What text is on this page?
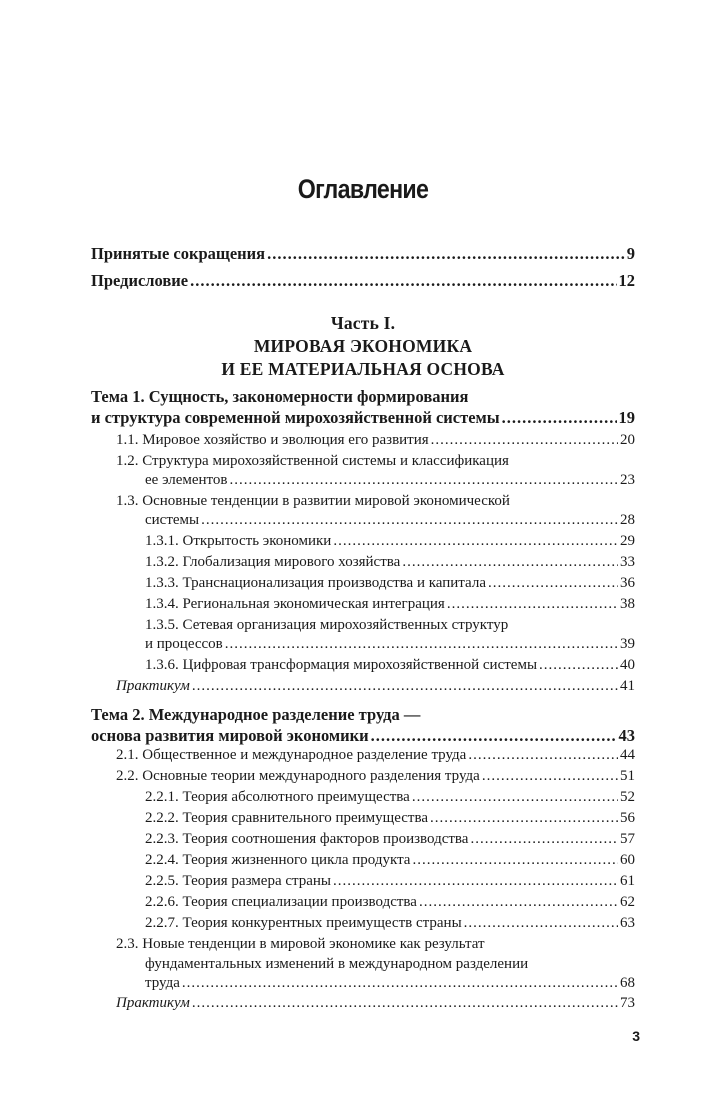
Оглавление
Принятые сокращения .....	9
Предисловие .....	12
Часть I.
МИРОВАЯ ЭКОНОМИКА
И ЕЕ МАТЕРИАЛЬНАЯ ОСНОВА
Тема 1. Сущность, закономерности формирования
и структура современной мирохозяйственной системы .....	19
1.1. Мировое хозяйство и эволюция его развития .....	20
1.2. Структура мирохозяйственной системы и классификация
ее элементов .....	23
1.3. Основные тенденции в развитии мировой экономической
системы .....	28
1.3.1. Открытость экономики .....	29
1.3.2. Глобализация мирового хозяйства .....	33
1.3.3. Транснационализация производства и капитала .....	36
1.3.4. Региональная экономическая интеграция .....	38
1.3.5. Сетевая организация мирохозяйственных структур
и процессов .....	39
1.3.6. Цифровая трансформация мирохозяйственной системы .....	40
Практикум .....	41
Тема 2. Международное разделение труда —
основа развития мировой экономики .....	43
2.1. Общественное и международное разделение труда .....	44
2.2. Основные теории международного разделения труда .....	51
2.2.1. Теория абсолютного преимущества .....	52
2.2.2. Теория сравнительного преимущества .....	56
2.2.3. Теория соотношения факторов производства .....	57
2.2.4. Теория жизненного цикла продукта .....	60
2.2.5. Теория размера страны .....	61
2.2.6. Теория специализации производства .....	62
2.2.7. Теория конкурентных преимуществ страны .....	63
2.3. Новые тенденции в мировой экономике как результат
фундаментальных изменений в международном разделении
труда .....	68
Практикум .....	73
3
